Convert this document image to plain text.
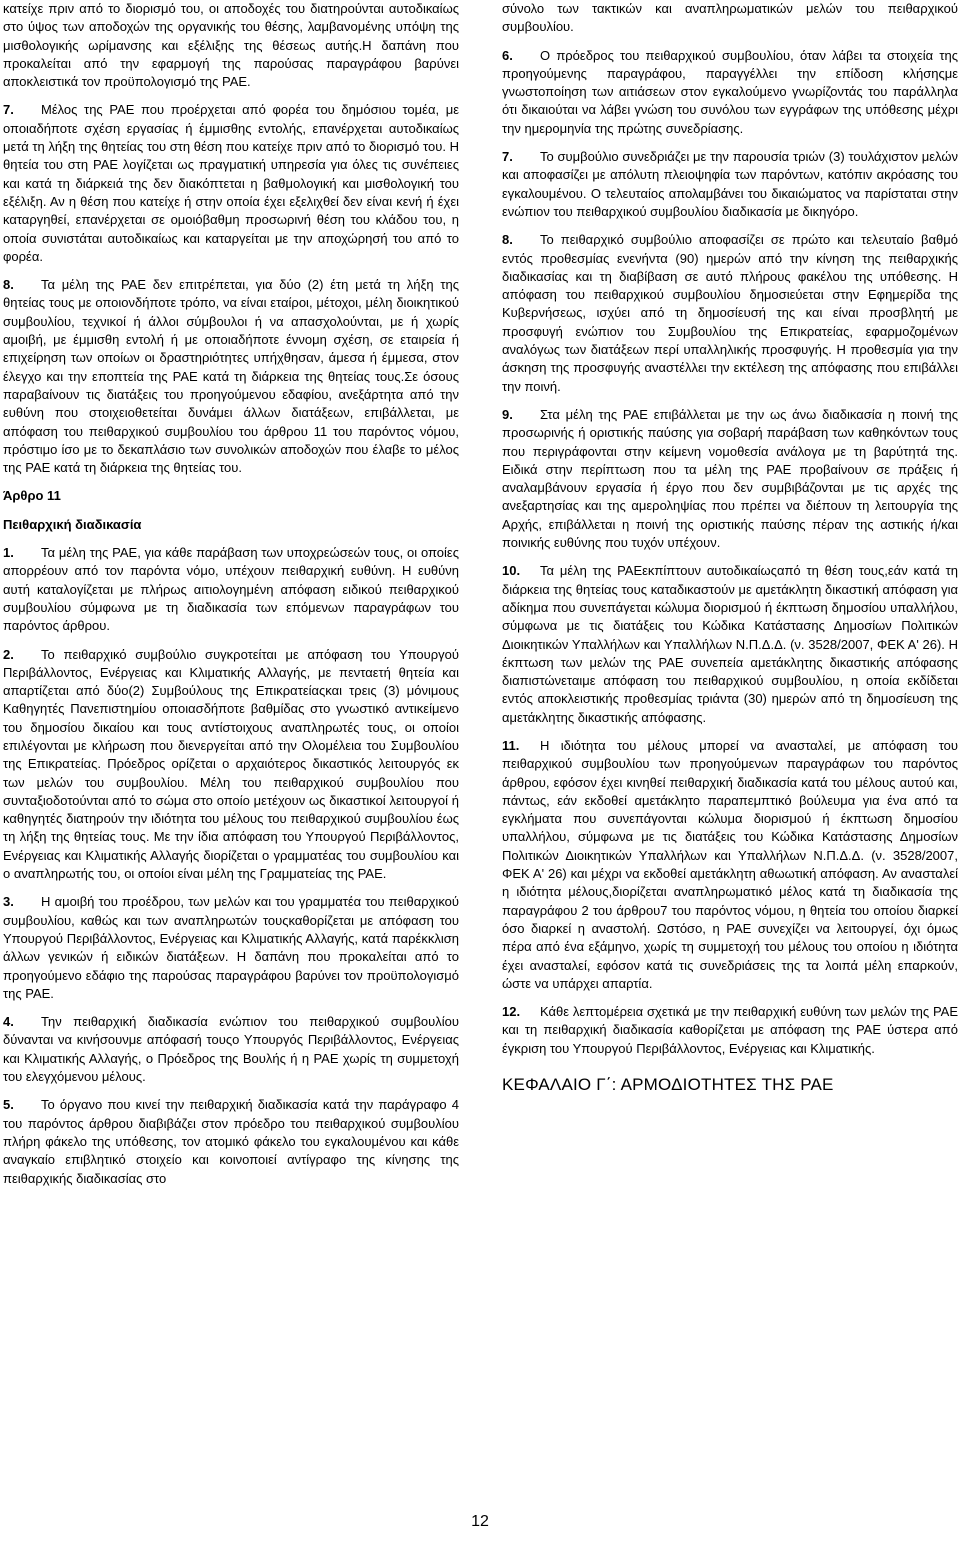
κατείχε πριν από το διορισμό του, οι αποδοχές του διατηρούνται αυτοδικαίως στο ύψος των αποδοχών της οργανικής του θέσης, λαμβανομένης υπόψη της μισθολογικής ωρίμανσης και εξέλιξης της θέσεως αυτής.Η δαπάνη που προκαλείται από την εφαρμογή της παρούσας παραγράφου βαρύνει αποκλειστικά τον προϋπολογισμό της ΡΑΕ.

7. Μέλος της ΡΑΕ που προέρχεται από φορέα του δημόσιου τομέα, με οποιαδήποτε σχέση εργασίας ή έμμισθης εντολής, επανέρχεται αυτοδικαίως μετά τη λήξη της θητείας του στη θέση που κατείχε πριν από το διορισμό του. Η θητεία του στη ΡΑΕ λογίζεται ως πραγματική υπηρεσία για όλες τις συνέπειες και κατά τη διάρκειά της δεν διακόπτεται η βαθμολογική και μισθολογική του εξέλιξη. Αν η θέση που κατείχε ή στην οποία έχει εξελιχθεί δεν είναι κενή ή έχει καταργηθεί, επανέρχεται σε ομοιόβαθμη προσωρινή θέση του κλάδου του, η οποία συνιστάται αυτοδικαίως και καταργείται με την αποχώρησή του από το φορέα.

8. Τα μέλη της ΡΑΕ δεν επιτρέπεται, για δύο (2) έτη μετά τη λήξη της θητείας τους με οποιονδήποτε τρόπο, να είναι εταίροι, μέτοχοι, μέλη διοικητικού συμβουλίου, τεχνικοί ή άλλοι σύμβουλοι ή να απασχολούνται, με ή χωρίς αμοιβή, με έμμισθη εντολή ή με οποιαδήποτε έννομη σχέση, σε εταιρεία ή επιχείρηση των οποίων οι δραστηριότητες υπήχθησαν, άμεσα ή έμμεσα, στον έλεγχο και την εποπτεία της ΡΑΕ κατά τη διάρκεια της θητείας τους.Σε όσους παραβαίνουν τις διατάξεις του προηγούμενου εδαφίου, ανεξάρτητα από την ευθύνη που στοιχειοθετείται δυνάμει άλλων διατάξεων, επιβάλλεται, με απόφαση του πειθαρχικού συμβουλίου του άρθρου 11 του παρόντος νόμου, πρόστιμο ίσο με το δεκαπλάσιο των συνολικών αποδοχών που έλαβε το μέλος της ΡΑΕ κατά τη διάρκεια της θητείας του.

Άρθρο 11
Πειθαρχική διαδικασία

1. Τα μέλη της ΡΑΕ, για κάθε παράβαση των υποχρεώσεών τους, οι οποίες απορρέουν από τον παρόντα νόμο, υπέχουν πειθαρχική ευθύνη. Η ευθύνη αυτή καταλογίζεται με πλήρως αιτιολογημένη απόφαση ειδικού πειθαρχικού συμβουλίου σύμφωνα με τη διαδικασία των επόμενων παραγράφων του παρόντος άρθρου.

2. Το πειθαρχικό συμβούλιο συγκροτείται με απόφαση του Υπουργού Περιβάλλοντος, Ενέργειας και Κλιματικής Αλλαγής, με πενταετή θητεία και απαρτίζεται από δύο(2) Συμβούλους της Επικρατείαςκαι τρεις (3) μόνιμους Καθηγητές Πανεπιστημίου οποιασδήποτε βαθμίδας στο γνωστικό αντικείμενο του δημοσίου δικαίου και τους αντίστοιχους αναπληρωτές τους, οι οποίοι επιλέγονται με κλήρωση που διενεργείται από την Ολομέλεια του Συμβουλίου της Επικρατείας. Πρόεδρος ορίζεται ο αρχαιότερος δικαστικός λειτουργός εκ των μελών του συμβουλίου. Μέλη του πειθαρχικού συμβουλίου που συνταξιοδοτούνται από το σώμα στο οποίο μετέχουν ως δικαστικοί λειτουργοί ή καθηγητές διατηρούν την ιδιότητα του μέλους του πειθαρχικού συμβουλίου έως τη λήξη της θητείας τους. Με την ίδια απόφαση του Υπουργού Περιβάλλοντος, Ενέργειας και Κλιματικής Αλλαγής διορίζεται ο γραμματέας του συμβουλίου και ο αναπληρωτής του, οι οποίοι είναι μέλη της Γραμματείας της ΡΑΕ.

3. Η αμοιβή του προέδρου, των μελών και του γραμματέα του πειθαρχικού συμβουλίου, καθώς και των αναπληρωτών τουςκαθορίζεται με απόφαση του Υπουργού Περιβάλλοντος, Ενέργειας και Κλιματικής Αλλαγής, κατά παρέκκλιση άλλων γενικών ή ειδικών διατάξεων. Η δαπάνη που προκαλείται από το προηγούμενο εδάφιο της παρούσας παραγράφου βαρύνει τον προϋπολογισμό της ΡΑΕ.

4. Την πειθαρχική διαδικασία ενώπιον του πειθαρχικού συμβουλίου δύνανται να κινήσουνμε απόφασή τουςο Υπουργός Περιβάλλοντος, Ενέργειας και Κλιματικής Αλλαγής, ο Πρόεδρος της Βουλής ή η ΡΑΕ χωρίς τη συμμετοχή του ελεγχόμενου μέλους.

5. Το όργανο που κινεί την πειθαρχική διαδικασία κατά την παράγραφο 4 του παρόντος άρθρου διαβιβάζει στον πρόεδρο του πειθαρχικού συμβουλίου πλήρη φάκελο της υπόθεσης, τον ατομικό φάκελο του εγκαλουμένου και κάθε αναγκαίο επιβλητικό στοιχείο και κοινοποιεί αντίγραφο της κίνησης της πειθαρχικής διαδικασίας στο

σύνολο των τακτικών και αναπληρωματικών μελών του πειθαρχικού συμβουλίου.

6. Ο πρόεδρος του πειθαρχικού συμβουλίου, όταν λάβει τα στοιχεία της προηγούμενης παραγράφου, παραγγέλλει την επίδοση κλήσηςμε γνωστοποίηση των αιτιάσεων στον εγκαλούμενο γνωρίζοντάς του παράλληλα ότι δικαιούται να λάβει γνώση του συνόλου των εγγράφων της υπόθεσης μέχρι την ημερομηνία της πρώτης συνεδρίασης.

7. Το συμβούλιο συνεδριάζει με την παρουσία τριών (3) τουλάχιστον μελών και αποφασίζει με απόλυτη πλειοψηφία των παρόντων, κατόπιν ακρόασης του εγκαλουμένου. Ο τελευταίος απολαμβάνει του δικαιώματος να παρίσταται στην ενώπιον του πειθαρχικού συμβουλίου διαδικασία με δικηγόρο.

8. Το πειθαρχικό συμβούλιο αποφασίζει σε πρώτο και τελευταίο βαθμό εντός προθεσμίας ενενήντα (90) ημερών από την κίνηση της πειθαρχικής διαδικασίας και τη διαβίβαση σε αυτό πλήρους φακέλου της υπόθεσης. Η απόφαση του πειθαρχικού συμβουλίου δημοσιεύεται στην Εφημερίδα της Κυβερνήσεως, ισχύει από τη δημοσίευσή της και είναι προσβλητή με προσφυγή ενώπιον του Συμβουλίου της Επικρατείας, εφαρμοζομένων αναλόγως των διατάξεων περί υπαλληλικής προσφυγής. Η προθεσμία για την άσκηση της προσφυγής αναστέλλει την εκτέλεση της απόφασης που επιβάλλει την ποινή.

9. Στα μέλη της ΡΑΕ επιβάλλεται με την ως άνω διαδικασία η ποινή της προσωρινής ή οριστικής παύσης για σοβαρή παράβαση των καθηκόντων τους που περιγράφονται στην κείμενη νομοθεσία ανάλογα με τη βαρύτητά της. Ειδικά στην περίπτωση που τα μέλη της ΡΑΕ προβαίνουν σε πράξεις ή αναλαμβάνουν εργασία ή έργο που δεν συμβιβάζονται με τις αρχές της ανεξαρτησίας και της αμεροληψίας που πρέπει να διέπουν τη λειτουργία της Αρχής, επιβάλλεται η ποινή της οριστικής παύσης πέραν της αστικής ή/και ποινικής ευθύνης που τυχόν υπέχουν.

10. Τα μέλη της ΡΑΕεκπίπτουν αυτοδικαίωςαπό τη θέση τους,εάν κατά τη διάρκεια της θητείας τους καταδικαστούν με αμετάκλητη δικαστική απόφαση για αδίκημα που συνεπάγεται κώλυμα διορισμού ή έκπτωση δημοσίου υπαλλήλου, σύμφωνα με τις διατάξεις του Κώδικα Κατάστασης Δημοσίων Πολιτικών Διοικητικών Υπαλλήλων και Υπαλλήλων Ν.Π.Δ.Δ. (ν. 3528/2007, ΦΕΚ Α' 26). Η έκπτωση των μελών της ΡΑΕ συνεπεία αμετάκλητης δικαστικής απόφασης διαπιστώνεταιμε απόφαση του πειθαρχικού συμβουλίου, η οποία εκδίδεται εντός αποκλειστικής προθεσμίας τριάντα (30) ημερών από τη δημοσίευση της αμετάκλητης δικαστικής απόφασης.

11. Η ιδιότητα του μέλους μπορεί να ανασταλεί, με απόφαση του πειθαρχικού συμβουλίου των προηγούμενων παραγράφων του παρόντος άρθρου, εφόσον έχει κινηθεί πειθαρχική διαδικασία κατά του μέλους αυτού και, πάντως, εάν εκδοθεί αμετάκλητο παραπεμπτικό βούλευμα για ένα από τα εγκλήματα που συνεπάγονται κώλυμα διορισμού ή έκπτωση δημοσίου υπαλλήλου, σύμφωνα με τις διατάξεις του Κώδικα Κατάστασης Δημοσίων Πολιτικών Διοικητικών Υπαλλήλων και Υπαλλήλων Ν.Π.Δ.Δ. (ν. 3528/2007, ΦΕΚ Α' 26) και μέχρι να εκδοθεί αμετάκλητη αθωωτική απόφαση. Αν ανασταλεί η ιδιότητα μέλους,διορίζεται αναπληρωματικό μέλος κατά τη διαδικασία της παραγράφου 2 του άρθρου7 του παρόντος νόμου, η θητεία του οποίου διαρκεί όσο διαρκεί η αναστολή. Ωστόσο, η ΡΑΕ συνεχίζει να λειτουργεί, όχι όμως πέρα από ένα εξάμηνο, χωρίς τη συμμετοχή του μέλους του οποίου η ιδιότητα έχει ανασταλεί, εφόσον κατά τις συνεδριάσεις της τα λοιπά μέλη επαρκούν, ώστε να υπάρχει απαρτία.

12. Κάθε λεπτομέρεια σχετικά με την πειθαρχική ευθύνη των μελών της ΡΑΕ και τη πειθαρχική διαδικασία καθορίζεται με απόφαση της ΡΑΕ ύστερα από έγκριση του Υπουργού Περιβάλλοντος, Ενέργειας και Κλιματικής.

ΚΕΦΑΛΑΙΟ Γ΄: ΑΡΜΟΔΙΟΤΗΤΕΣ ΤΗΣ ΡΑΕ
12
